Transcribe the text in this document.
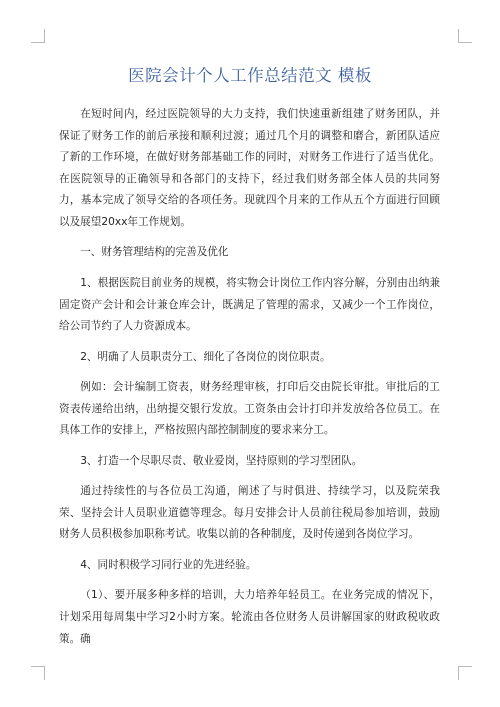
医院会计个人工作总结范文 模板

在短时间内，经过医院领导的大力支持，我们快速重新组建了财务团队，并保证了财务工作的前后承接和顺利过渡；通过几个月的调整和磨合，新团队适应了新的工作环境，在做好财务部基础工作的同时，对财务工作进行了适当优化。在医院领导的正确领导和各部门的支持下，经过我们财务部全体人员的共同努力，基本完成了领导交给的各项任务。现就四个月来的工作从五个方面进行回顾以及展望20xx年工作规划。

一、财务管理结构的完善及优化

1、根据医院目前业务的规模，将实物会计岗位工作内容分解，分别由出纳兼固定资产会计和会计兼仓库会计，既满足了管理的需求，又减少一个工作岗位，给公司节约了人力资源成本。

2、明确了人员职责分工、细化了各岗位的岗位职责。

例如：会计编制工资表，财务经理审核，打印后交由院长审批。审批后的工资表传递给出纳，出纳提交银行发放。工资条由会计打印并发放给各位员工。在具体工作的安排上，严格按照内部控制制度的要求来分工。

3、打造一个尽职尽责、敬业爱岗，坚持原则的学习型团队。

通过持续性的与各位员工沟通，阐述了与时俱进、持续学习，以及院荣我荣、坚持会计人员职业道德等理念。每月安排会计人员前往税局参加培训，鼓励财务人员积极参加职称考试。收集以前的各种制度，及时传递到各岗位学习。

4、同时积极学习同行业的先进经验。

（1）、要开展多种多样的培训，大力培养年轻员工。在业务完成的情况下，计划采用每周集中学习2小时方案。轮流由各位财务人员讲解国家的财政税收政策。确
